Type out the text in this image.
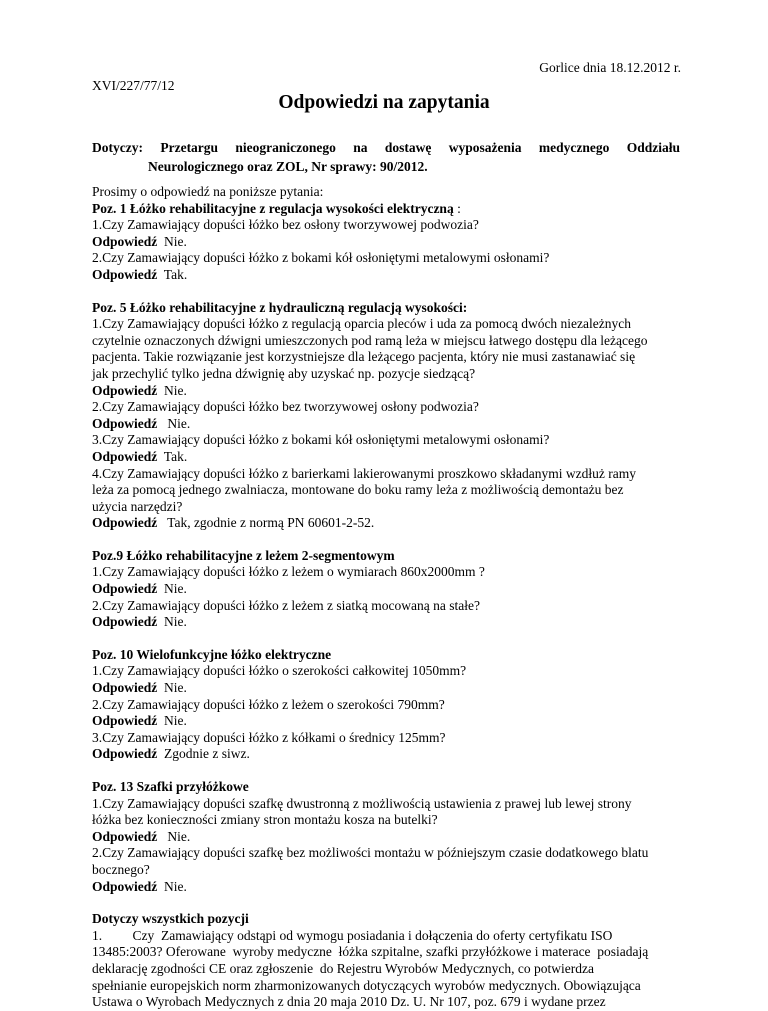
Gorlice dnia 18.12.2012 r.
XVI/227/77/12
Odpowiedzi na zapytania
Dotyczy: Przetargu nieograniczonego na dostawę wyposażenia medycznego Oddziału
Neurologicznego oraz ZOL, Nr sprawy: 90/2012.

Prosimy o odpowiedź na poniższe pytania:

Poz. 1 Łóżko rehabilitacyjne z regulacja wysokości elektryczną :

1.Czy Zamawiający dopuści łóżko bez osłony tworzywowej podwozia?

Odpowiedź  Nie.

2.Czy Zamawiający dopuści łóżko z bokami kół osłoniętymi metalowymi osłonami?

Odpowiedź  Tak.

Poz. 5 Łóżko rehabilitacyjne z hydrauliczną regulacją wysokości:

1.Czy Zamawiający dopuści łóżko z regulacją oparcia pleców i uda za pomocą dwóch niezależnych

czytelnie oznaczonych dźwigni umieszczonych pod ramą leża w miejscu łatwego dostępu dla leżącego

pacjenta. Takie rozwiązanie jest korzystniejsze dla leżącego pacjenta, który nie musi zastanawiać się

jak przechylić tylko jedna dźwignię aby uzyskać np. pozycje siedzącą?

Odpowiedź  Nie.

2.Czy Zamawiający dopuści łóżko bez tworzywowej osłony podwozia?

Odpowiedź   Nie.

3.Czy Zamawiający dopuści łóżko z bokami kół osłoniętymi metalowymi osłonami?

Odpowiedź  Tak.

4.Czy Zamawiający dopuści łóżko z barierkami lakierowanymi proszkowo składanymi wzdłuż ramy

leża za pomocą jednego zwalniacza, montowane do boku ramy leża z możliwością demontażu bez

użycia narzędzi?

Odpowiedź   Tak, zgodnie z normą PN 60601-2-52.

Poz.9 Łóżko rehabilitacyjne z leżem 2-segmentowym

1.Czy Zamawiający dopuści łóżko z leżem o wymiarach 860x2000mm ?

Odpowiedź  Nie.

2.Czy Zamawiający dopuści łóżko z leżem z siatką mocowaną na stałe?

Odpowiedź  Nie.

Poz. 10 Wielofunkcyjne łóżko elektryczne

1.Czy Zamawiający dopuści łóżko o szerokości całkowitej 1050mm?

Odpowiedź  Nie.

2.Czy Zamawiający dopuści łóżko z leżem o szerokości 790mm?

Odpowiedź  Nie.

3.Czy Zamawiający dopuści łóżko z kółkami o średnicy 125mm?

Odpowiedź  Zgodnie z siwz.

Poz. 13 Szafki przyłóżkowe

1.Czy Zamawiający dopuści szafkę dwustronną z możliwością ustawienia z prawej lub lewej strony

łóżka bez konieczności zmiany stron montażu kosza na butelki?

Odpowiedź   Nie.

2.Czy Zamawiający dopuści szafkę bez możliwości montażu w późniejszym czasie dodatkowego blatu

bocznego?

Odpowiedź  Nie.

Dotyczy wszystkich pozycji

1.         Czy  Zamawiający odstąpi od wymogu posiadania i dołączenia do oferty certyfikatu ISO

13485:2003? Oferowane  wyroby medyczne  łóżka szpitalne, szafki przyłóżkowe i materace  posiadają

deklarację zgodności CE oraz zgłoszenie  do Rejestru Wyrobów Medycznych, co potwierdza

spełnianie europejskich norm zharmonizowanych dotyczących wyrobów medycznych. Obowiązująca

Ustawa o Wyrobach Medycznych z dnia 20 maja 2010 Dz. U. Nr 107, poz. 679 i wydane przez
